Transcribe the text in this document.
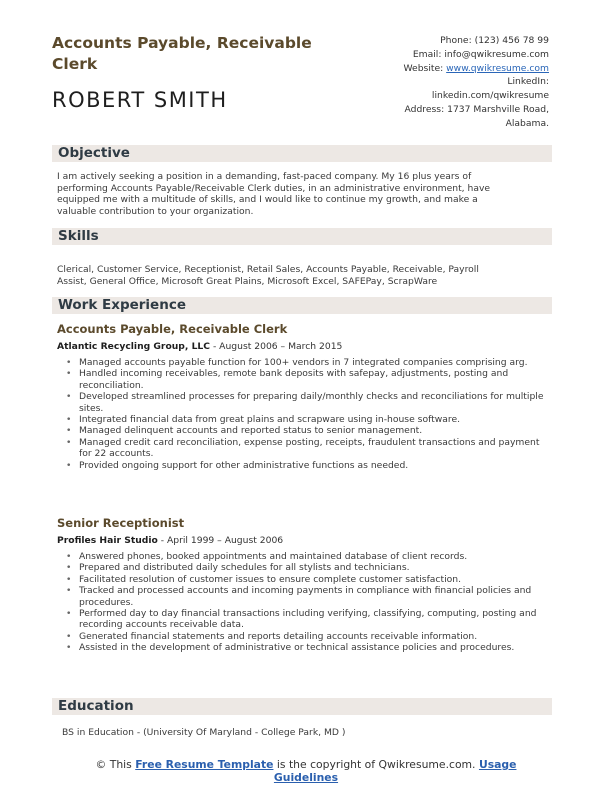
Accounts Payable, Receivable
Clerk
ROBERT SMITH
Phone: (123) 456 78 99
Email: info@qwikresume.com
Website: www.qwikresume.com
LinkedIn:
linkedin.com/qwikresume
Address: 1737 Marshville Road,
Alabama.
Objective
I am actively seeking a position in a demanding, fast-paced company. My 16 plus years of
performing Accounts Payable/Receivable Clerk duties, in an administrative environment, have
equipped me with a multitude of skills, and I would like to continue my growth, and make a
valuable contribution to your organization.
Skills
Clerical, Customer Service, Receptionist, Retail Sales, Accounts Payable, Receivable, Payroll
Assist, General Office, Microsoft Great Plains, Microsoft Excel, SAFEPay, ScrapWare
Work Experience
Accounts Payable, Receivable Clerk
Atlantic Recycling Group, LLC - August 2006 – March 2015
• Managed accounts payable function for 100+ vendors in 7 integrated companies comprising arg.
• Handled incoming receivables, remote bank deposits with safepay, adjustments, posting and reconciliation.
• Developed streamlined processes for preparing daily/monthly checks and reconciliations for multiple sites.
• Integrated financial data from great plains and scrapware using in-house software.
• Managed delinquent accounts and reported status to senior management.
• Managed credit card reconciliation, expense posting, receipts, fraudulent transactions and payment for 22 accounts.
• Provided ongoing support for other administrative functions as needed.
Senior Receptionist
Profiles Hair Studio - April 1999 – August 2006
• Answered phones, booked appointments and maintained database of client records.
• Prepared and distributed daily schedules for all stylists and technicians.
• Facilitated resolution of customer issues to ensure complete customer satisfaction.
• Tracked and processed accounts and incoming payments in compliance with financial policies and procedures.
• Performed day to day financial transactions including verifying, classifying, computing, posting and recording accounts receivable data.
• Generated financial statements and reports detailing accounts receivable information.
• Assisted in the development of administrative or technical assistance policies and procedures.
Education
BS in Education - (University Of Maryland - College Park, MD )
© This Free Resume Template is the copyright of Qwikresume.com. Usage
Guidelines
